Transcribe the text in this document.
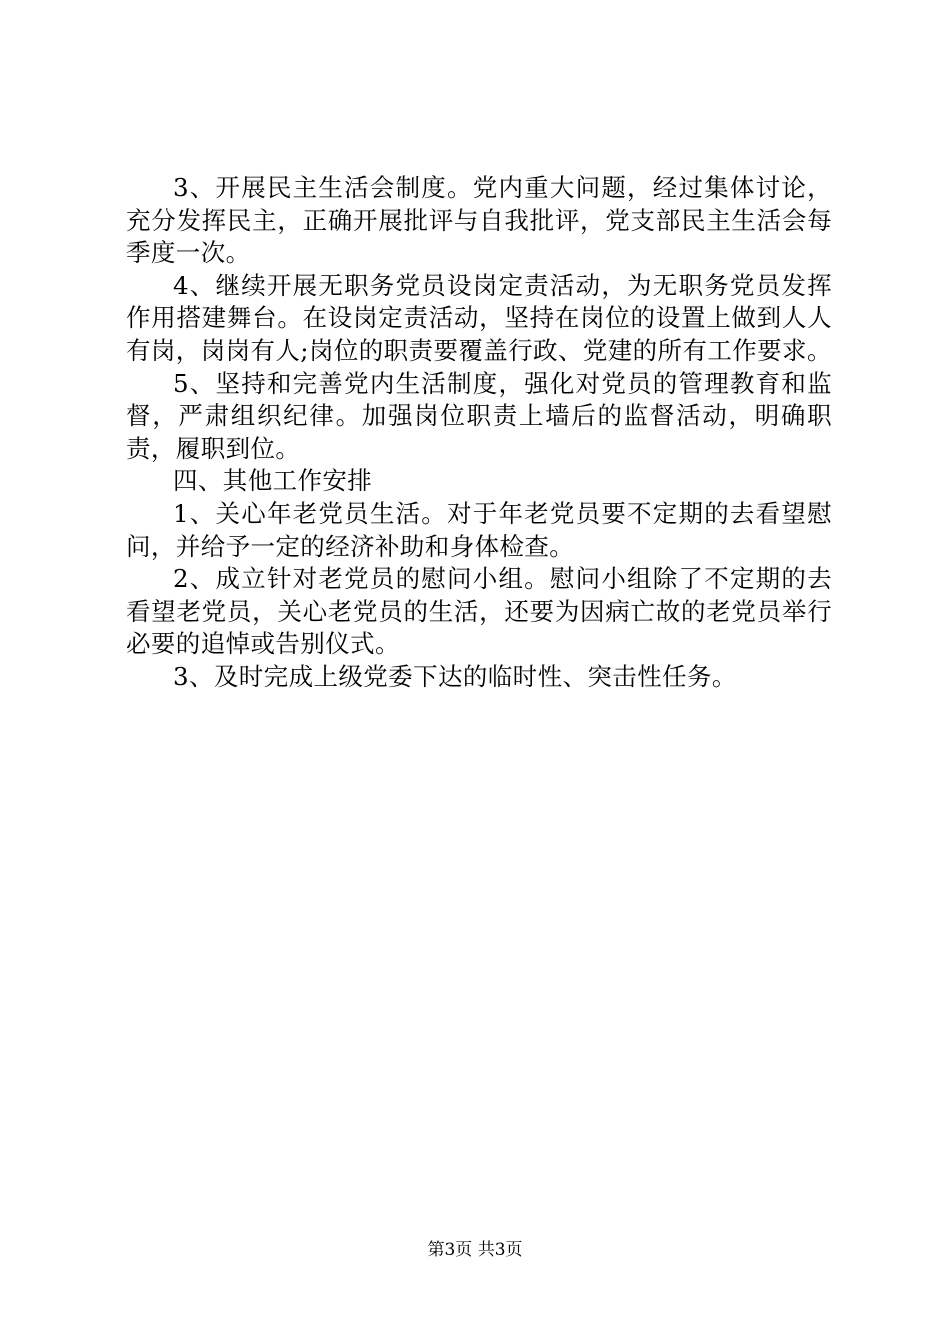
3、开展民主生活会制度。党内重大问题，经过集体讨论，充分发挥民主，正确开展批评与自我批评，党支部民主生活会每季度一次。

4、继续开展无职务党员设岗定责活动，为无职务党员发挥作用搭建舞台。在设岗定责活动，坚持在岗位的设置上做到人人有岗，岗岗有人;岗位的职责要覆盖行政、党建的所有工作要求。

5、坚持和完善党内生活制度，强化对党员的管理教育和监督，严肃组织纪律。加强岗位职责上墙后的监督活动，明确职责，履职到位。

四、其他工作安排

1、关心年老党员生活。对于年老党员要不定期的去看望慰问，并给予一定的经济补助和身体检查。

2、成立针对老党员的慰问小组。慰问小组除了不定期的去看望老党员，关心老党员的生活，还要为因病亡故的老党员举行必要的追悼或告别仪式。

3、及时完成上级党委下达的临时性、突击性任务。

第3页 共3页
